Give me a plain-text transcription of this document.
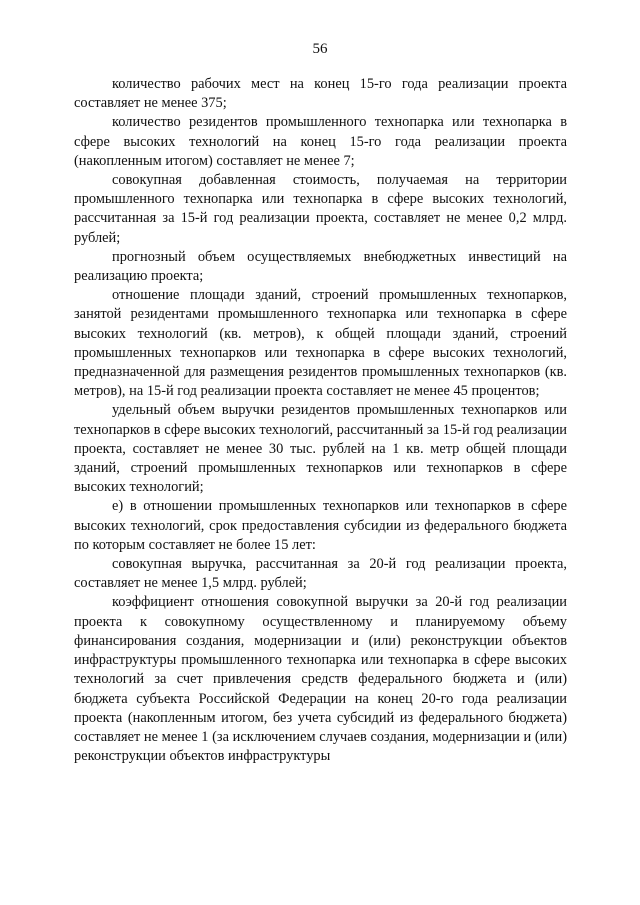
56

количество рабочих мест на конец 15-го года реализации проекта составляет не менее 375;

количество резидентов промышленного технопарка или технопарка в сфере высоких технологий на конец 15-го года реализации проекта (накопленным итогом) составляет не менее 7;

совокупная добавленная стоимость, получаемая на территории промышленного технопарка или технопарка в сфере высоких технологий, рассчитанная за 15-й год реализации проекта, составляет не менее 0,2 млрд. рублей;

прогнозный объем осуществляемых внебюджетных инвестиций на реализацию проекта;

отношение площади зданий, строений промышленных технопарков, занятой резидентами промышленного технопарка или технопарка в сфере высоких технологий (кв. метров), к общей площади зданий, строений промышленных технопарков или технопарка в сфере высоких технологий, предназначенной для размещения резидентов промышленных технопарков (кв. метров), на 15-й год реализации проекта составляет не менее 45 процентов;

удельный объем выручки резидентов промышленных технопарков или технопарков в сфере высоких технологий, рассчитанный за 15-й год реализации проекта, составляет не менее 30 тыс. рублей на 1 кв. метр общей площади зданий, строений промышленных технопарков или технопарков в сфере высоких технологий;

е) в отношении промышленных технопарков или технопарков в сфере высоких технологий, срок предоставления субсидии из федерального бюджета по которым составляет не более 15 лет:

совокупная выручка, рассчитанная за 20-й год реализации проекта, составляет не менее 1,5 млрд. рублей;

коэффициент отношения совокупной выручки за 20-й год реализации проекта к совокупному осуществленному и планируемому объему финансирования создания, модернизации и (или) реконструкции объектов инфраструктуры промышленного технопарка или технопарка в сфере высоких технологий за счет привлечения средств федерального бюджета и (или) бюджета субъекта Российской Федерации на конец 20-го года реализации проекта (накопленным итогом, без учета субсидий из федерального бюджета) составляет не менее 1 (за исключением случаев создания, модернизации и (или) реконструкции объектов инфраструктуры
